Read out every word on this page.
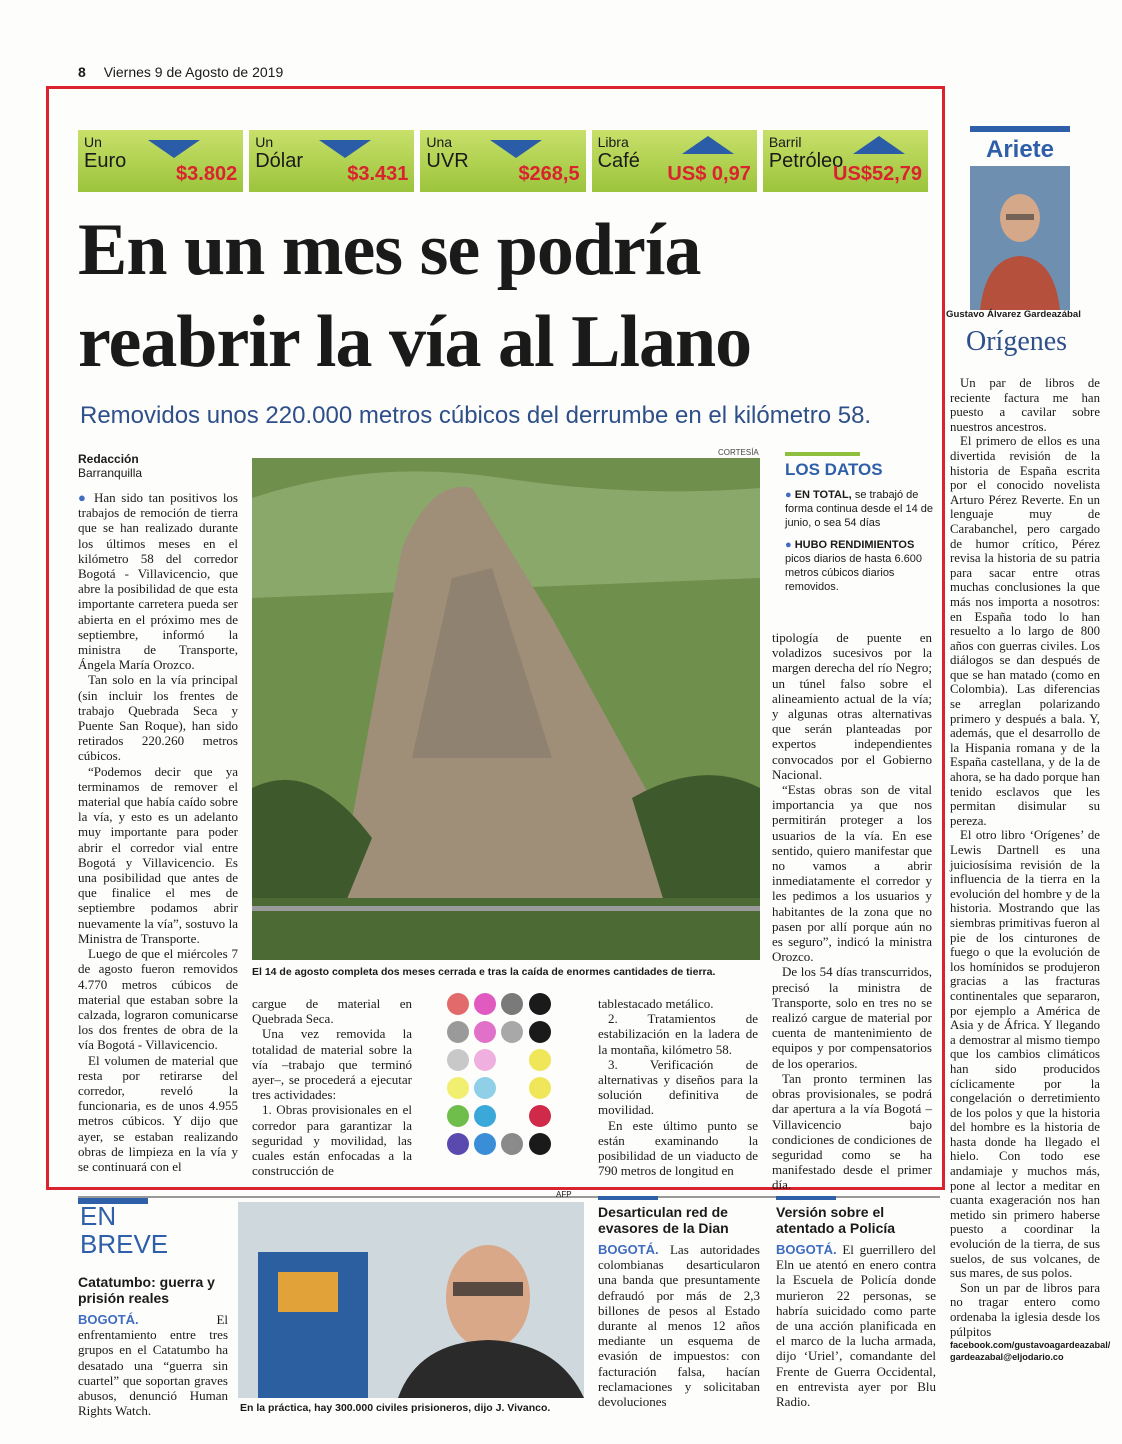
8 Viernes 9 de Agosto de 2019
Un
Euro
$3.802
Un
Dólar
$3.431
Una
UVR
$268,5
Libra
Café
US$ 0,97
Barril
Petróleo
US$52,79
En un mes se podría
reabrir la vía al Llano
Removidos unos 220.000 metros cúbicos del derrumbe en el kilómetro 58.
Redacción
Barranquilla

● Han sido tan positivos los trabajos de remoción de tierra que se han realizado durante los últimos meses en el kilómetro 58 del corredor Bogotá - Villavicencio, que abre la posibilidad de que esta importante carretera pueda ser abierta en el próximo mes de septiembre, informó la ministra de Transporte, Ángela María Orozco.

Tan solo en la vía principal (sin incluir los frentes de trabajo Quebrada Seca y Puente San Roque), han sido retirados 220.260 metros cúbicos.

“Podemos decir que ya terminamos de remover el material que había caído sobre la vía, y esto es un adelanto muy importante para poder abrir el corredor vial entre Bogotá y Villavicencio. Es una posibilidad que antes de que finalice el mes de septiembre podamos abrir nuevamente la vía”, sostuvo la Ministra de Transporte.

Luego de que el miércoles 7 de agosto fueron removidos 4.770 metros cúbicos de material que estaban sobre la calzada, lograron comunicarse los dos frentes de obra de la vía Bogotá - Villavicencio.

El volumen de material que resta por retirarse del corredor, reveló la funcionaria, es de unos 4.955 metros cúbicos. Y dijo que ayer, se estaban realizando obras de limpieza en la vía y se continuará con el

CORTESÍA
El 14 de agosto completa dos meses cerrada e tras la caída de enormes cantidades de tierra.
LOS DATOS

● EN TOTAL, se trabajó de forma continua desde el 14 de junio, o sea 54 días

● HUBO RENDIMIENTOS picos diarios de hasta 6.600 metros cúbicos diarios removidos.

tipología de puente en voladizos sucesivos por la margen derecha del río Negro; un túnel falso sobre el alineamiento actual de la vía; y algunas otras alternativas que serán planteadas por expertos independientes convocados por el Gobierno Nacional.

“Estas obras son de vital importancia ya que nos permitirán proteger a los usuarios de la vía. En ese sentido, quiero manifestar que no vamos a abrir inmediatamente el corredor y les pedimos a los usuarios y habitantes de la zona que no pasen por allí porque aún no es seguro”, indicó la ministra Orozco.

De los 54 días transcurridos, precisó la ministra de Transporte, solo en tres no se realizó cargue de material por cuenta de mantenimiento de equipos y por compensatorios de los operarios.

Tan pronto terminen las obras provisionales, se podrá dar apertura a la vía Bogotá – Villavicencio bajo condiciones de condiciones de seguridad como se ha manifestado desde el primer día.

cargue de material en Quebrada Seca.

Una vez removida la totalidad de material sobre la vía –trabajo que terminó ayer–, se procederá a ejecutar tres actividades:

1. Obras provisionales en el corredor para garantizar la seguridad y movilidad, las cuales están enfocadas a la construcción de

tablestacado metálico.

2. Tratamientos de estabilización en la ladera de la montaña, kilómetro 58.

3. Verificación de alternativas y diseños para la solución definitiva de movilidad.

En este último punto se están examinando la posibilidad de un viaducto de 790 metros de longitud en

Ariete
Gustavo Álvarez Gardeazábal
Orígenes

Un par de libros de reciente factura me han puesto a cavilar sobre nuestros ancestros.

El primero de ellos es una divertida revisión de la historia de España escrita por el conocido novelista Arturo Pérez Reverte. En un lenguaje muy de Carabanchel, pero cargado de humor crítico, Pérez revisa la historia de su patria para sacar entre otras muchas conclusiones la que más nos importa a nosotros: en España todo lo han resuelto a lo largo de 800 años con guerras civiles. Los diálogos se dan después de que se han matado (como en Colombia). Las diferencias se arreglan polarizando primero y después a bala. Y, además, que el desarrollo de la Hispania romana y de la España castellana, y de la de ahora, se ha dado porque han tenido esclavos que les permitan disimular su pereza.

El otro libro ‘Orígenes’ de Lewis Dartnell es una juiciosísima revisión de la influencia de la tierra en la evolución del hombre y de la historia. Mostrando que las siembras primitivas fueron al pie de los cinturones de fuego o que la evolución de los homínidos se produjeron gracias a las fracturas continentales que separaron, por ejemplo a América de Asia y de África. Y llegando a demostrar al mismo tiempo que los cambios climáticos han sido producidos cíclicamente por la congelación o derretimiento de los polos y que la historia del hombre es la historia de hasta donde ha llegado el hielo. Con todo ese andamiaje y muchos más, pone al lector a meditar en cuanta exageración nos han metido sin primero haberse puesto a coordinar la evolución de la tierra, de sus suelos, de sus volcanes, de sus mares, de sus polos.

Son un par de libros para no tragar entero como ordenaba la iglesia desde los púlpitos

facebook.com/gustavoagardeazabal/
gardeazabal@eljodario.co
EN
BREVE
Catatumbo: guerra y prisión reales
BOGOTÁ.	El enfrentamiento entre tres grupos en el Catatumbo ha desatado una “guerra sin cuartel” que soportan graves abusos, denunció Human Rights Watch.
AFP
En la práctica, hay 300.000 civiles prisioneros, dijo J. Vivanco.
Desarticulan red de evasores de la Dian
BOGOTÁ. Las autoridades colombianas desarticularon una banda que presuntamente defraudó por más de 2,3 billones de pesos al Estado durante al menos 12 años mediante un esquema de evasión de impuestos: con facturación falsa, hacían reclamaciones y solicitaban devoluciones
Versión sobre el atentado a Policía
BOGOTÁ. El guerrillero del Eln ue atentó en enero contra la Escuela de Policía donde murieron 22 personas, se habría suicidado como parte de una acción planificada en el marco de la lucha armada, dijo ‘Uriel’, comandante del Frente de Guerra Occidental, en entrevista ayer por Blu Radio.
